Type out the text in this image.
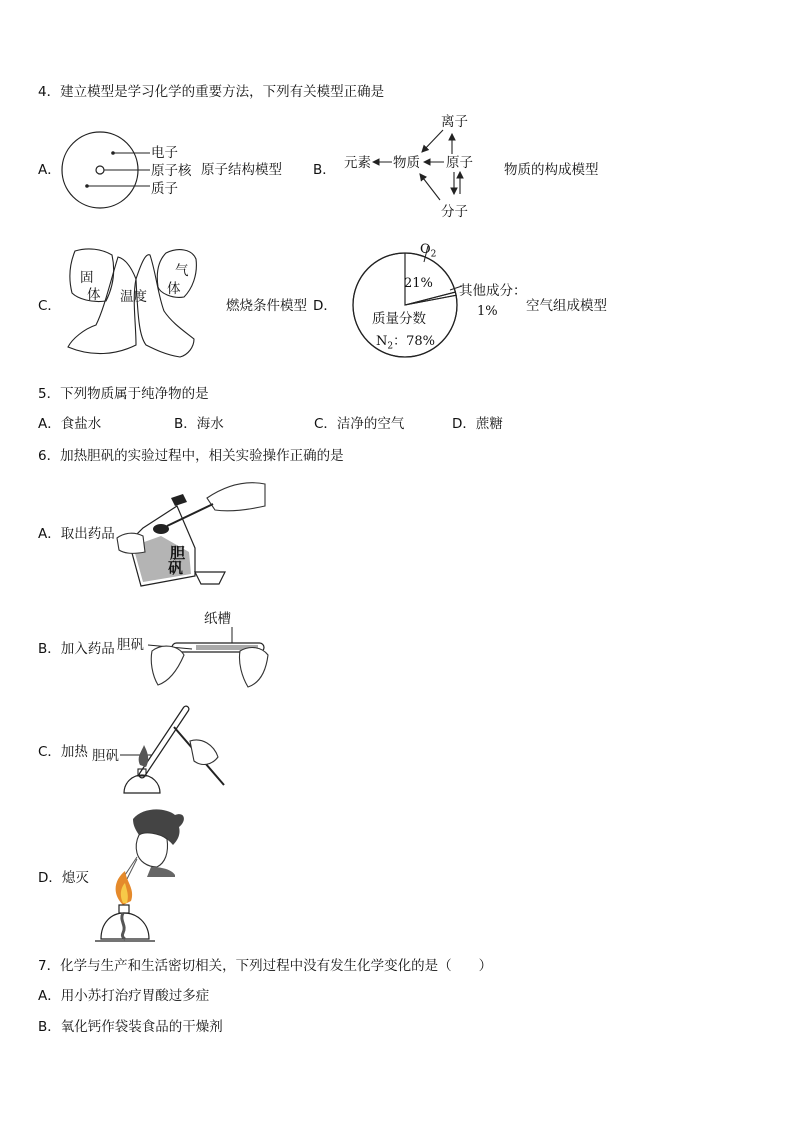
4．建立模型是学习化学的重要方法，下列有关模型正确是
A．
电子
原子核
质子
原子结构模型 B． 元素 物质 原子
离子
分子
物质的构成模型
C．
固
体 温度
气
体
燃烧条件模型 D．
$O_2$
21% 其他成分：
1%
质量分数
$N_2$：78%
空气组成模型
5．下列物质属于纯净物的是
A．食盐水	B．海水	C．洁净的空气	D．蔗糖
6．加热胆矾的实验过程中，相关实验操作正确的是
A．取出药品
胆
矾
B．加入药品 胆矾
纸槽
C．加热 胆矾
D．熄灭
7．化学与生产和生活密切相关，下列过程中没有发生化学变化的是（　　）
A．用小苏打治疗胃酸过多症
B．氧化钙作袋装食品的干燥剂
